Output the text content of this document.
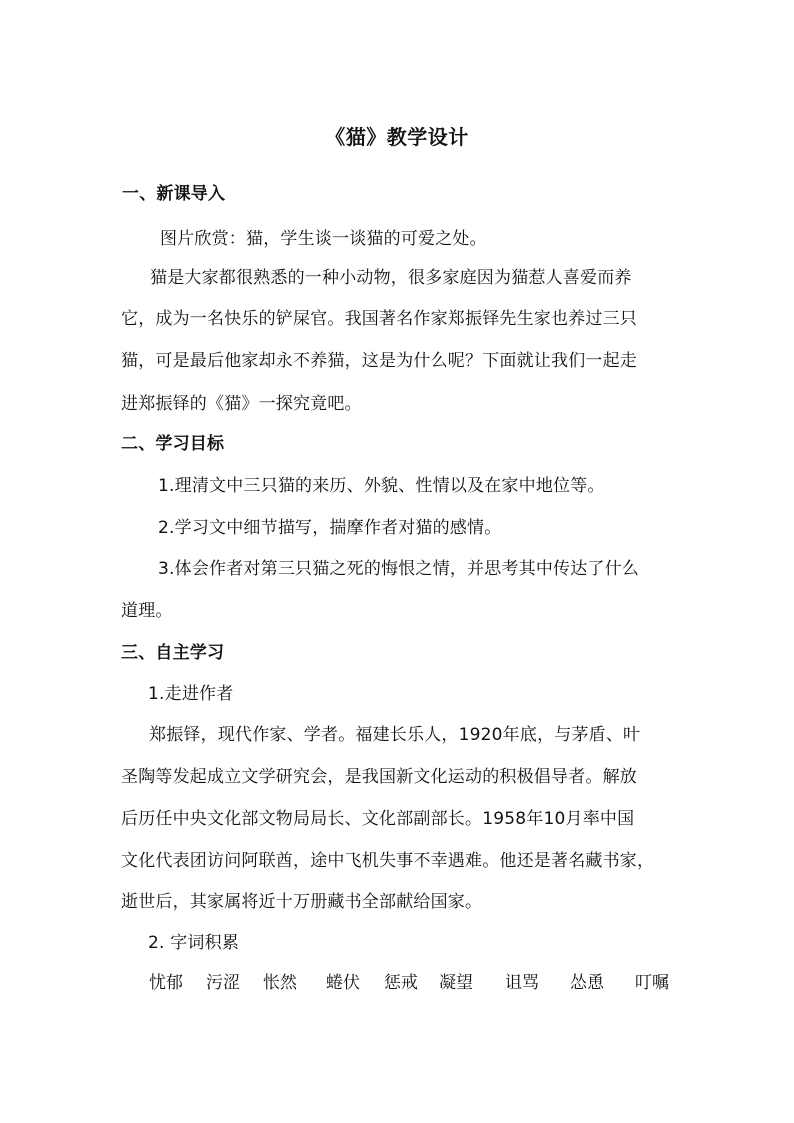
《猫》教学设计
一、新课导入
图片欣赏：猫，学生谈一谈猫的可爱之处。
猫是大家都很熟悉的一种小动物，很多家庭因为猫惹人喜爱而养
它，成为一名快乐的铲屎官。我国著名作家郑振铎先生家也养过三只
猫，可是最后他家却永不养猫，这是为什么呢？下面就让我们一起走
进郑振铎的《猫》一探究竟吧。
二、学习目标
1.理清文中三只猫的来历、外貌、性情以及在家中地位等。
2.学习文中细节描写，揣摩作者对猫的感情。
3.体会作者对第三只猫之死的悔恨之情，并思考其中传达了什么
道理。
三、自主学习
1.走进作者
郑振铎，现代作家、学者。福建长乐人，1920年底，与茅盾、叶
圣陶等发起成立文学研究会，是我国新文化运动的积极倡导者。解放
后历任中央文化部文物局局长、文化部副部长。1958年10月率中国
文化代表团访问阿联酋，途中飞机失事不幸遇难。他还是著名藏书家，
逝世后，其家属将近十万册藏书全部献给国家。
2. 字词积累
忧郁 污涩 怅然 蜷伏 惩戒 凝望 诅骂 怂恿 叮嘱
